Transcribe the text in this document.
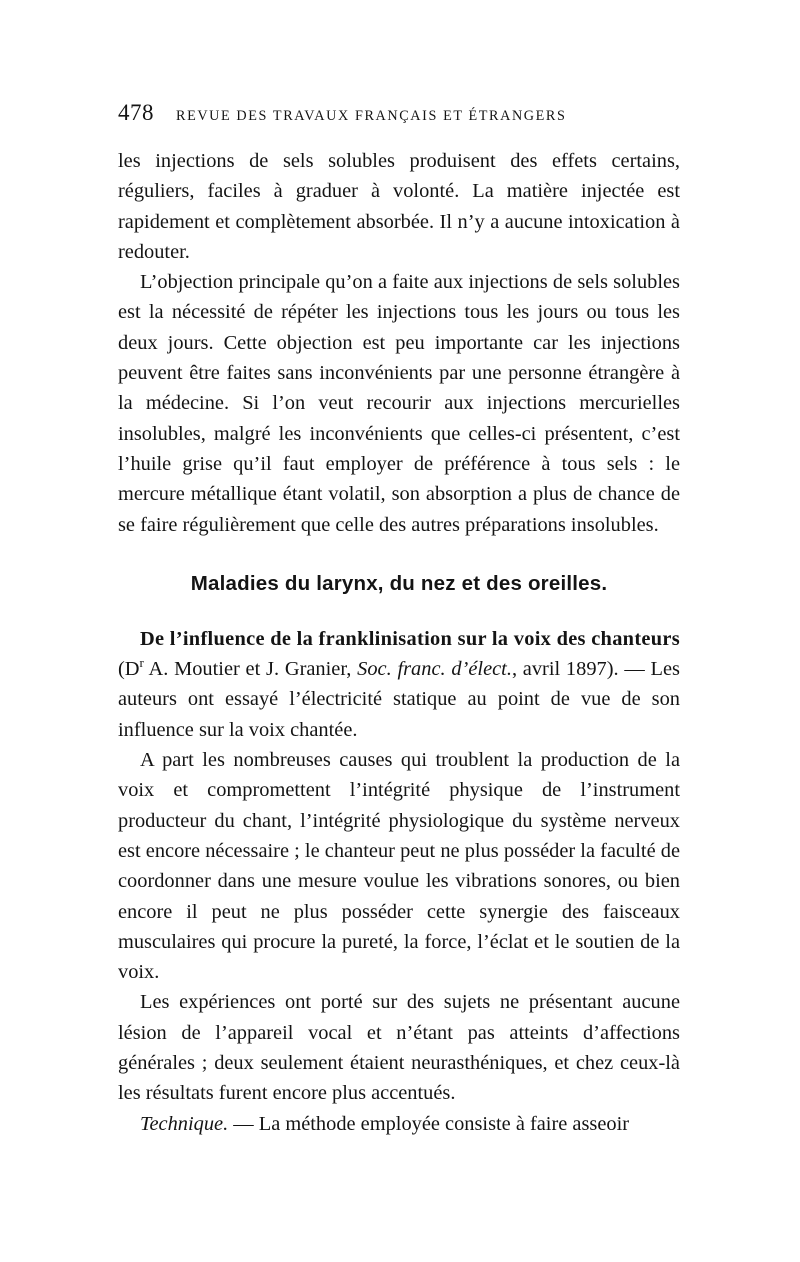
478	REVUE DES TRAVAUX FRANÇAIS ET ÉTRANGERS

les injections de sels solubles produisent des effets certains, réguliers, faciles à graduer à volonté. La matière injectée est rapidement et complètement absorbée. Il n’y a aucune intoxication à redouter.

L’objection principale qu’on a faite aux injections de sels solubles est la nécessité de répéter les injections tous les jours ou tous les deux jours. Cette objection est peu importante car les injections peuvent être faites sans inconvénients par une personne étrangère à la médecine. Si l’on veut recourir aux injections mercurielles insolubles, malgré les inconvénients que celles-ci présentent, c’est l’huile grise qu’il faut employer de préférence à tous sels : le mercure métallique étant volatil, son absorption a plus de chance de se faire régulièrement que celle des autres préparations insolubles.

Maladies du larynx, du nez et des oreilles.

De l’influence de la franklinisation sur la voix des chanteurs ($D^r$ A. Moutier et J. Granier, Soc. franc. d’élect., avril 1897). — Les auteurs ont essayé l’électricité statique au point de vue de son influence sur la voix chantée.

A part les nombreuses causes qui troublent la production de la voix et compromettent l’intégrité physique de l’instrument producteur du chant, l’intégrité physiologique du système nerveux est encore nécessaire ; le chanteur peut ne plus posséder la faculté de coordonner dans une mesure voulue les vibrations sonores, ou bien encore il peut ne plus posséder cette synergie des faisceaux musculaires qui procure la pureté, la force, l’éclat et le soutien de la voix.

Les expériences ont porté sur des sujets ne présentant aucune lésion de l’appareil vocal et n’étant pas atteints d’affections générales ; deux seulement étaient neurasthéniques, et chez ceux-là les résultats furent encore plus accentués.

Technique. — La méthode employée consiste à faire asseoir
